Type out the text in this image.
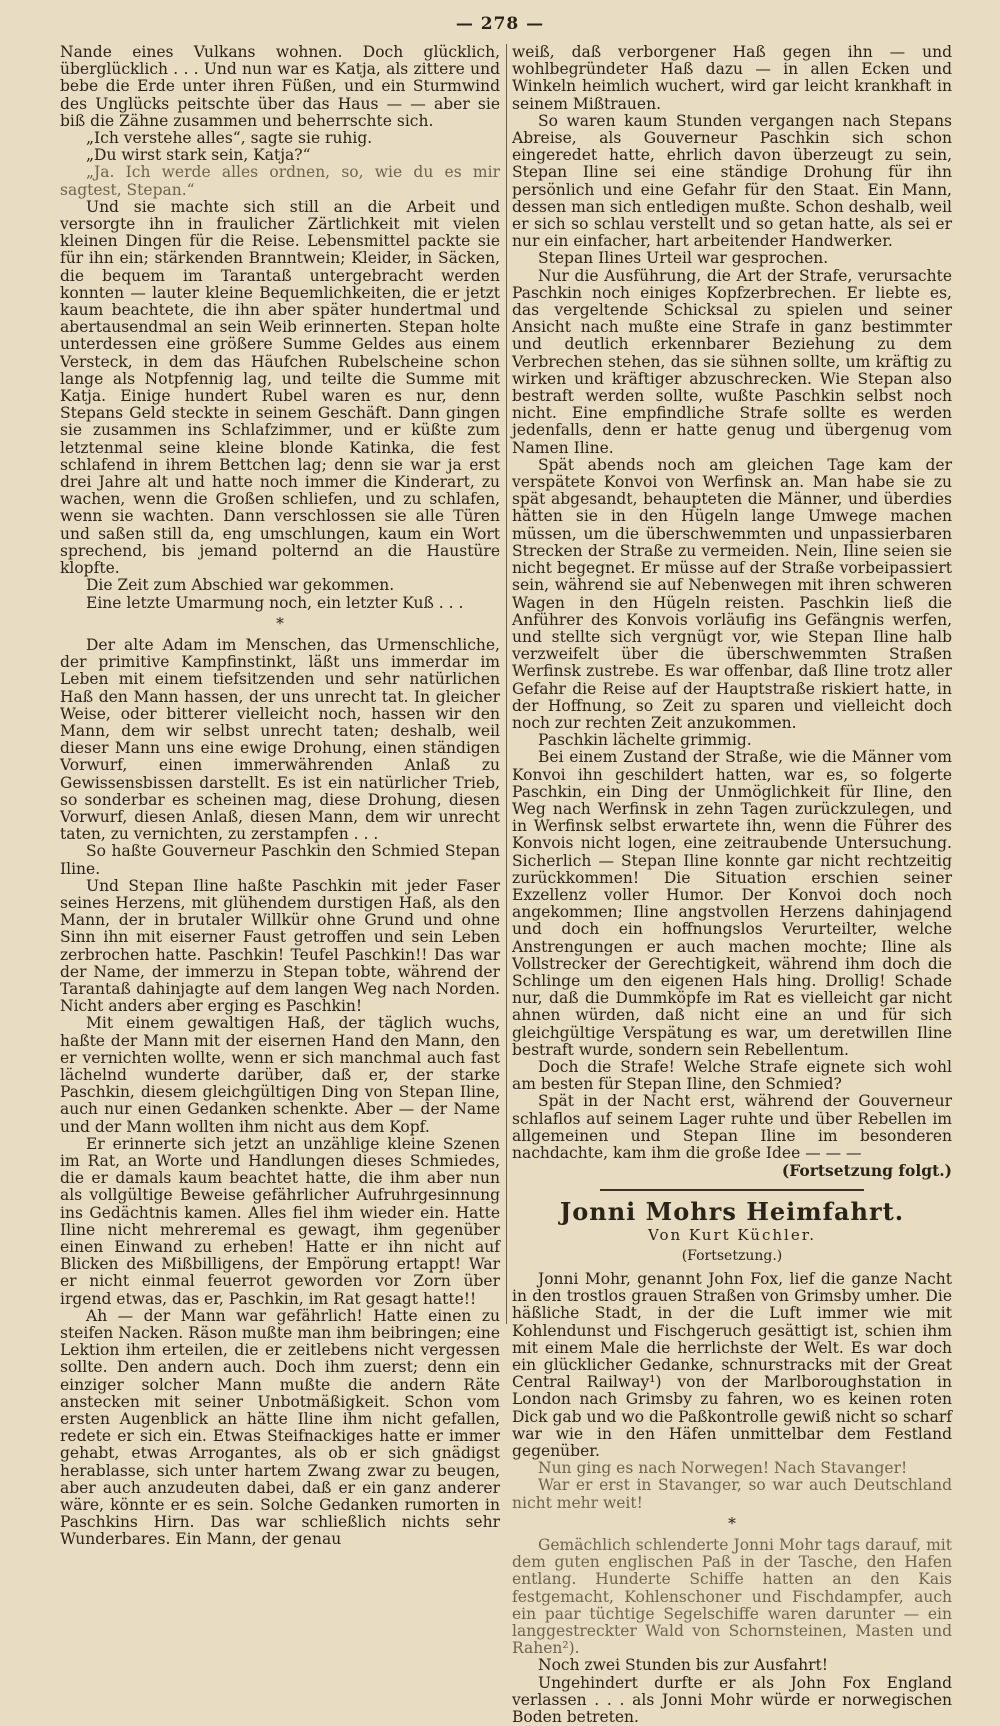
— 278 —

Nande eines Vulkans wohnen. Doch glücklich, überglücklich . . . Und nun war es Katja, als zittere und bebe die Erde unter ihren Füßen, und ein Sturmwind des Unglücks peitschte über das Haus — — aber sie biß die Zähne zusammen und beherrschte sich.

„Ich verstehe alles“, sagte sie ruhig.

„Du wirst stark sein, Katja?“

„Ja. Ich werde alles ordnen, so, wie du es mir sagtest, Stepan.“

Und sie machte sich still an die Arbeit und versorgte ihn in fraulicher Zärtlichkeit mit vielen kleinen Dingen für die Reise. Lebensmittel packte sie für ihn ein; stärkenden Branntwein; Kleider, in Säcken, die bequem im Tarantaß untergebracht werden konnten — lauter kleine Bequemlichkeiten, die er jetzt kaum beachtete, die ihn aber später hundertmal und abertausendmal an sein Weib erinnerten. Stepan holte unterdessen eine größere Summe Geldes aus einem Versteck, in dem das Häufchen Rubelscheine schon lange als Notpfennig lag, und teilte die Summe mit Katja. Einige hundert Rubel waren es nur, denn Stepans Geld steckte in seinem Geschäft. Dann gingen sie zusammen ins Schlafzimmer, und er küßte zum letztenmal seine kleine blonde Katinka, die fest schlafend in ihrem Bettchen lag; denn sie war ja erst drei Jahre alt und hatte noch immer die Kinderart, zu wachen, wenn die Großen schliefen, und zu schlafen, wenn sie wachten. Dann verschlossen sie alle Türen und saßen still da, eng umschlungen, kaum ein Wort sprechend, bis jemand polternd an die Haustüre klopfte.

Die Zeit zum Abschied war gekommen.

Eine letzte Umarmung noch, ein letzter Kuß . . .

*

Der alte Adam im Menschen, das Urmenschliche, der primitive Kampfinstinkt, läßt uns immerdar im Leben mit einem tiefsitzenden und sehr natürlichen Haß den Mann hassen, der uns unrecht tat. In gleicher Weise, oder bitterer vielleicht noch, hassen wir den Mann, dem wir selbst unrecht taten; deshalb, weil dieser Mann uns eine ewige Drohung, einen ständigen Vorwurf, einen immerwährenden Anlaß zu Gewissensbissen darstellt. Es ist ein natürlicher Trieb, so sonderbar es scheinen mag, diese Drohung, diesen Vorwurf, diesen Anlaß, diesen Mann, dem wir unrecht taten, zu vernichten, zu zerstampfen . . .

So haßte Gouverneur Paschkin den Schmied Stepan Iline.

Und Stepan Iline haßte Paschkin mit jeder Faser seines Herzens, mit glühendem durstigen Haß, als den Mann, der in brutaler Willkür ohne Grund und ohne Sinn ihn mit eiserner Faust getroffen und sein Leben zerbrochen hatte. Paschkin! Teufel Paschkin!! Das war der Name, der immerzu in Stepan tobte, während der Tarantaß dahinjagte auf dem langen Weg nach Norden. Nicht anders aber erging es Paschkin!

Mit einem gewaltigen Haß, der täglich wuchs, haßte der Mann mit der eisernen Hand den Mann, den er vernichten wollte, wenn er sich manchmal auch fast lächelnd wunderte darüber, daß er, der starke Paschkin, diesem gleichgültigen Ding von Stepan Iline, auch nur einen Gedanken schenkte. Aber — der Name und der Mann wollten ihm nicht aus dem Kopf.

Er erinnerte sich jetzt an unzählige kleine Szenen im Rat, an Worte und Handlungen dieses Schmiedes, die er damals kaum beachtet hatte, die ihm aber nun als vollgültige Beweise gefährlicher Aufruhrgesinnung ins Gedächtnis kamen. Alles fiel ihm wieder ein. Hatte Iline nicht mehreremal es gewagt, ihm gegenüber einen Einwand zu erheben! Hatte er ihn nicht auf Blicken des Mißbilligens, der Empörung ertappt! War er nicht einmal feuerrot geworden vor Zorn über irgend etwas, das er, Paschkin, im Rat gesagt hatte!!

Ah — der Mann war gefährlich! Hatte einen zu steifen Nacken. Räson mußte man ihm beibringen; eine Lektion ihm erteilen, die er zeitlebens nicht vergessen sollte. Den andern auch. Doch ihm zuerst; denn ein einziger solcher Mann mußte die andern Räte anstecken mit seiner Unbotmäßigkeit. Schon vom ersten Augenblick an hätte Iline ihm nicht gefallen, redete er sich ein. Etwas Steifnackiges hatte er immer gehabt, etwas Arrogantes, als ob er sich gnädigst herablasse, sich unter hartem Zwang zwar zu beugen, aber auch anzudeuten dabei, daß er ein ganz anderer wäre, könnte er es sein. Solche Gedanken rumorten in Paschkins Hirn. Das war schließlich nichts sehr Wunderbares. Ein Mann, der genau

weiß, daß verborgener Haß gegen ihn — und wohlbegründeter Haß dazu — in allen Ecken und Winkeln heimlich wuchert, wird gar leicht krankhaft in seinem Mißtrauen.

So waren kaum Stunden vergangen nach Stepans Abreise, als Gouverneur Paschkin sich schon eingeredet hatte, ehrlich davon überzeugt zu sein, Stepan Iline sei eine ständige Drohung für ihn persönlich und eine Gefahr für den Staat. Ein Mann, dessen man sich entledigen mußte. Schon deshalb, weil er sich so schlau verstellt und so getan hatte, als sei er nur ein einfacher, hart arbeitender Handwerker.

Stepan Ilines Urteil war gesprochen.

Nur die Ausführung, die Art der Strafe, verursachte Paschkin noch einiges Kopfzerbrechen. Er liebte es, das vergeltende Schicksal zu spielen und seiner Ansicht nach mußte eine Strafe in ganz bestimmter und deutlich erkennbarer Beziehung zu dem Verbrechen stehen, das sie sühnen sollte, um kräftig zu wirken und kräftiger abzuschrecken. Wie Stepan also bestraft werden sollte, wußte Paschkin selbst noch nicht. Eine empfindliche Strafe sollte es werden jedenfalls, denn er hatte genug und übergenug vom Namen Iline.

Spät abends noch am gleichen Tage kam der verspätete Konvoi von Werfinsk an. Man habe sie zu spät abgesandt, behaupteten die Männer, und überdies hätten sie in den Hügeln lange Umwege machen müssen, um die überschwemmten und unpassierbaren Strecken der Straße zu vermeiden. Nein, Iline seien sie nicht begegnet. Er müsse auf der Straße vorbeipassiert sein, während sie auf Nebenwegen mit ihren schweren Wagen in den Hügeln reisten. Paschkin ließ die Anführer des Konvois vorläufig ins Gefängnis werfen, und stellte sich vergnügt vor, wie Stepan Iline halb verzweifelt über die überschwemmten Straßen Werfinsk zustrebe. Es war offenbar, daß Iline trotz aller Gefahr die Reise auf der Hauptstraße riskiert hatte, in der Hoffnung, so Zeit zu sparen und vielleicht doch noch zur rechten Zeit anzukommen.

Paschkin lächelte grimmig.

Bei einem Zustand der Straße, wie die Männer vom Konvoi ihn geschildert hatten, war es, so folgerte Paschkin, ein Ding der Unmöglichkeit für Iline, den Weg nach Werfinsk in zehn Tagen zurückzulegen, und in Werfinsk selbst erwartete ihn, wenn die Führer des Konvois nicht logen, eine zeitraubende Untersuchung. Sicherlich — Stepan Iline konnte gar nicht rechtzeitig zurückkommen! Die Situation erschien seiner Exzellenz voller Humor. Der Konvoi doch noch angekommen; Iline angstvollen Herzens dahinjagend und doch ein hoffnungslos Verurteilter, welche Anstrengungen er auch machen mochte; Iline als Vollstrecker der Gerechtigkeit, während ihm doch die Schlinge um den eigenen Hals hing. Drollig! Schade nur, daß die Dummköpfe im Rat es vielleicht gar nicht ahnen würden, daß nicht eine an und für sich gleichgültige Verspätung es war, um deretwillen Iline bestraft wurde, sondern sein Rebellentum.

Doch die Strafe! Welche Strafe eignete sich wohl am besten für Stepan Iline, den Schmied?

Spät in der Nacht erst, während der Gouverneur schlaflos auf seinem Lager ruhte und über Rebellen im allgemeinen und Stepan Iline im besonderen nachdachte, kam ihm die große Idee — — —

(Fortsetzung folgt.)

Jonni Mohrs Heimfahrt.

Von Kurt Küchler.

(Fortsetzung.)

Jonni Mohr, genannt John Fox, lief die ganze Nacht in den trostlos grauen Straßen von Grimsby umher. Die häßliche Stadt, in der die Luft immer wie mit Kohlendunst und Fischgeruch gesättigt ist, schien ihm mit einem Male die herrlichste der Welt. Es war doch ein glücklicher Gedanke, schnurstracks mit der Great Central Railway¹) von der Marlboroughstation in London nach Grimsby zu fahren, wo es keinen roten Dick gab und wo die Paßkontrolle gewiß nicht so scharf war wie in den Häfen unmittelbar dem Festland gegenüber.

Nun ging es nach Norwegen! Nach Stavanger!

War er erst in Stavanger, so war auch Deutschland nicht mehr weit!

*

Gemächlich schlenderte Jonni Mohr tags darauf, mit dem guten englischen Paß in der Tasche, den Hafen entlang. Hunderte Schiffe hatten an den Kais festgemacht, Kohlenschoner und Fischdampfer, auch ein paar tüchtige Segelschiffe waren darunter — ein langgestreckter Wald von Schornsteinen, Masten und Rahen²).

Noch zwei Stunden bis zur Ausfahrt!

Ungehindert durfte er als John Fox England verlassen . . . als Jonni Mohr würde er norwegischen Boden betreten.
